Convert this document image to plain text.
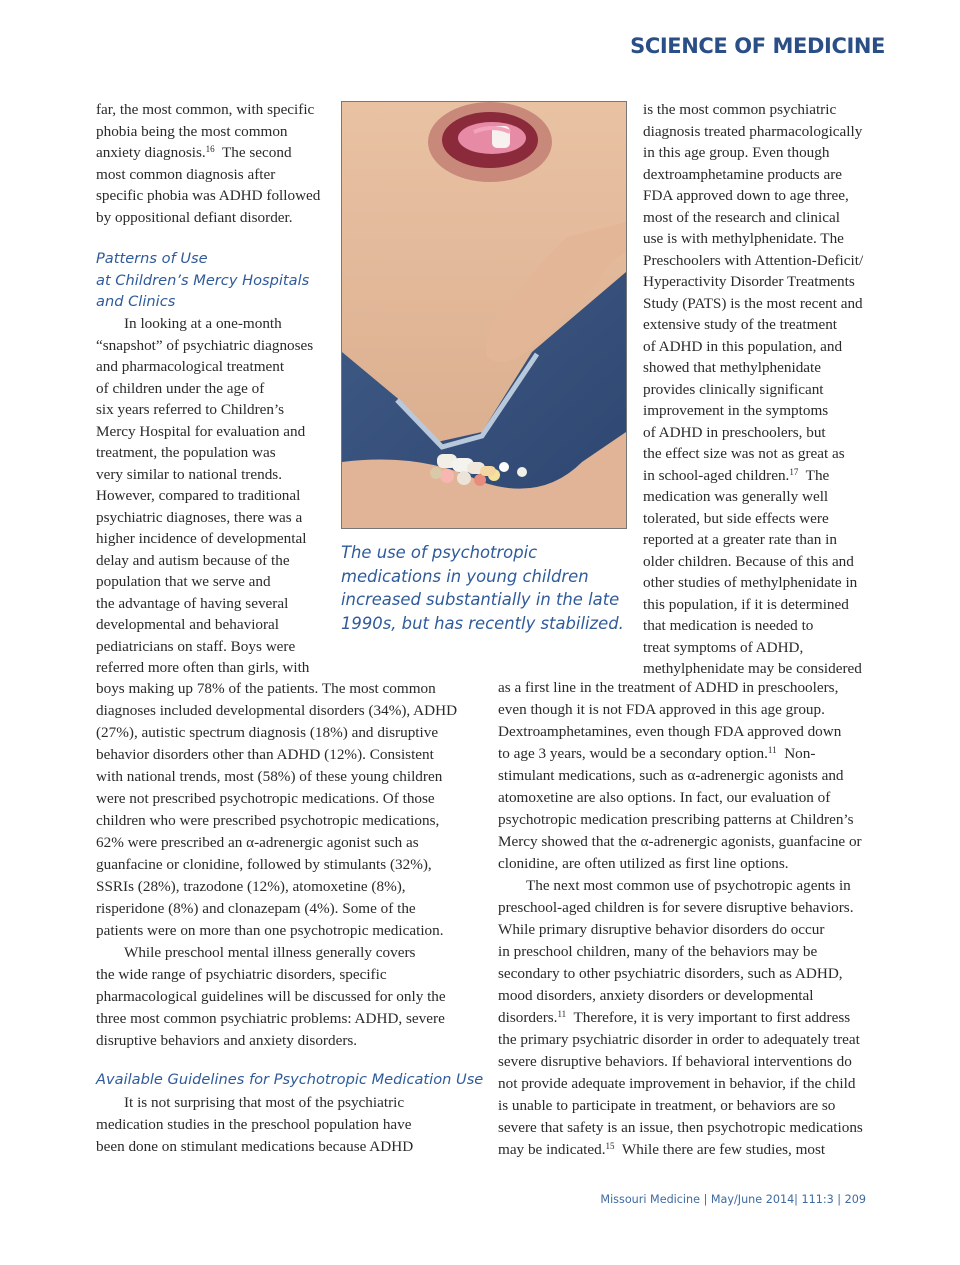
SCIENCE OF MEDICINE
far, the most common, with specific
phobia being the most common
anxiety diagnosis.$^{16}$  The second
most common diagnosis after
specific phobia was ADHD followed
by oppositional defiant disorder.
Patterns of Use
at Children’s Mercy Hospitals
and Clinics
In looking at a one-month
“snapshot” of psychiatric diagnoses
and pharmacological treatment
of children under the age of
six years referred to Children’s
Mercy Hospital for evaluation and
treatment, the population was
very similar to national trends.
However, compared to traditional
psychiatric diagnoses, there was a
higher incidence of developmental
delay and autism because of the
population that we serve and
the advantage of having several
developmental and behavioral
pediatricians on staff. Boys were
referred more often than girls, with
boys making up 78% of the patients. The most common
diagnoses included developmental disorders (34%), ADHD
(27%), autistic spectrum diagnosis (18%) and disruptive
behavior disorders other than ADHD (12%). Consistent
with national trends, most (58%) of these young children
were not prescribed psychotropic medications. Of those
children who were prescribed psychotropic medications,
62% were prescribed an α-adrenergic agonist such as
guanfacine or clonidine, followed by stimulants (32%),
SSRIs (28%), trazodone (12%), atomoxetine (8%),
risperidone (8%) and clonazepam (4%). Some of the
patients were on more than one psychotropic medication.
While preschool mental illness generally covers
the wide range of psychiatric disorders, specific
pharmacological guidelines will be discussed for only the
three most common psychiatric problems: ADHD, severe
disruptive behaviors and anxiety disorders.
Available Guidelines for Psychotropic Medication Use
It is not surprising that most of the psychiatric
medication studies in the preschool population have
been done on stimulant medications because ADHD
The use of psychotropic
medications in young children
increased substantially in the late
1990s, but has recently stabilized.
is the most common psychiatric
diagnosis treated pharmacologically
in this age group. Even though
dextroamphetamine products are
FDA approved down to age three,
most of the research and clinical
use is with methylphenidate. The
Preschoolers with Attention-Deficit/
Hyperactivity Disorder Treatments
Study (PATS) is the most recent and
extensive study of the treatment
of ADHD in this population, and
showed that methylphenidate
provides clinically significant
improvement in the symptoms
of ADHD in preschoolers, but
the effect size was not as great as
in school-aged children.$^{17}$  The
medication was generally well
tolerated, but side effects were
reported at a greater rate than in
older children. Because of this and
other studies of methylphenidate in
this population, if it is determined
that medication is needed to
treat symptoms of ADHD,
methylphenidate may be considered
as a first line in the treatment of ADHD in preschoolers,
even though it is not FDA approved in this age group.
Dextroamphetamines, even though FDA approved down
to age 3 years, would be a secondary option.$^{11}$  Non-
stimulant medications, such as α-adrenergic agonists and
atomoxetine are also options. In fact, our evaluation of
psychotropic medication prescribing patterns at Children’s
Mercy showed that the α-adrenergic agonists, guanfacine or
clonidine, are often utilized as first line options.
The next most common use of psychotropic agents in
preschool-aged children is for severe disruptive behaviors.
While primary disruptive behavior disorders do occur
in preschool children, many of the behaviors may be
secondary to other psychiatric disorders, such as ADHD,
mood disorders, anxiety disorders or developmental
disorders.$^{11}$  Therefore, it is very important to first address
the primary psychiatric disorder in order to adequately treat
severe disruptive behaviors. If behavioral interventions do
not provide adequate improvement in behavior, if the child
is unable to participate in treatment, or behaviors are so
severe that safety is an issue, then psychotropic medications
may be indicated.$^{15}$  While there are few studies, most
Missouri Medicine | May/June 2014| 111:3 | 209
